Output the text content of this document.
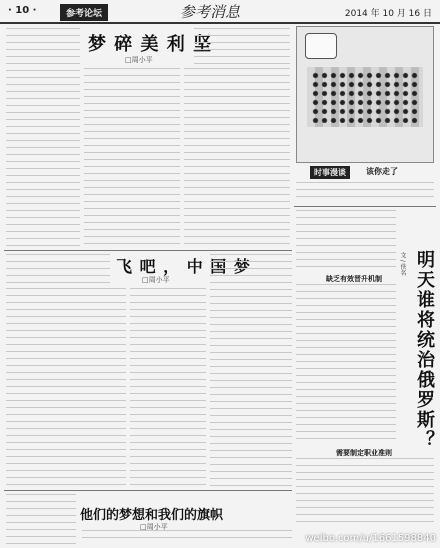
· 10 ·	参考论坛	参考消息	2014 年 10 月 16 日
梦 碎 美 利 坚
□周小平
时事漫谈	该你走了
文 / 佚名 明天谁将统治俄罗斯？
缺乏有效晋升机制
需要制定职业准则
飞 吧 ， 中 国 梦
□周小平
他们的梦想和我们的旗帜
□周小平
weibo.com/u/1661598840
